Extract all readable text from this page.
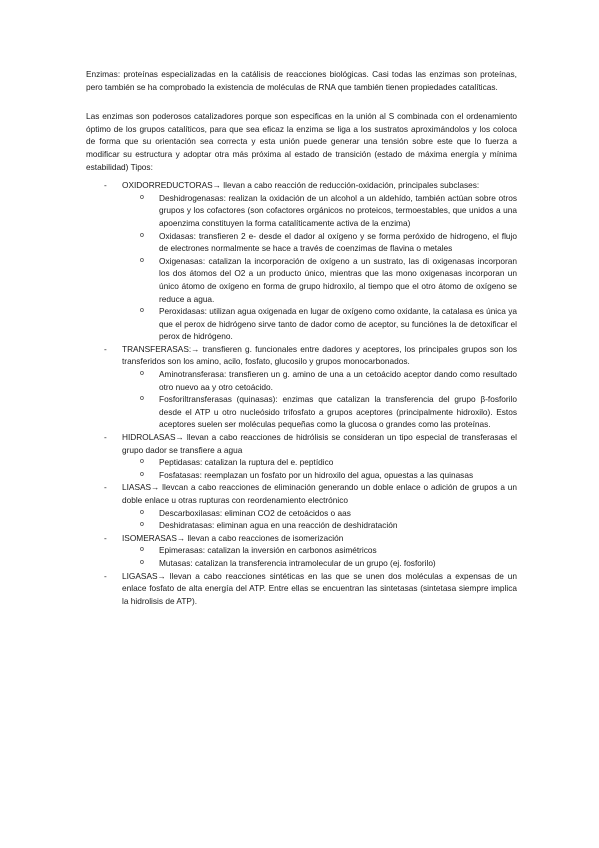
Enzimas: proteínas especializadas en la catálisis de reacciones biológicas. Casi todas las enzimas son proteínas, pero también se ha comprobado la existencia de moléculas de RNA que también tienen propiedades catalíticas.

Las enzimas son poderosos catalizadores porque son especificas en la unión al S combinada con el ordenamiento óptimo de los grupos catalíticos, para que sea eficaz la enzima se liga a los sustratos aproximándolos y los coloca de forma que su orientación sea correcta y esta unión puede generar una tensión sobre este que lo fuerza a modificar su estructura y adoptar otra más próxima al estado de transición (estado de máxima energía y mínima estabilidad) Tipos:

- OXIDORREDUCTORAS→ llevan a cabo reacción de reducción-oxidación, principales subclases:

o Deshidrogenasas: realizan la oxidación de un alcohol a un aldehído, también actúan sobre otros grupos y los cofactores (son cofactores orgánicos no proteicos, termoestables, que unidos a una apoenzima constituyen la forma catalíticamente activa de la enzima)

o Oxidasas: transfieren 2 e- desde el dador al oxígeno y se forma peróxido de hidrogeno, el flujo de electrones normalmente se hace a través de coenzimas de flavina o metales

o Oxigenasas: catalizan la incorporación de oxígeno a un sustrato, las di oxigenasas incorporan los dos átomos del O2 a un producto único, mientras que las mono oxigenasas incorporan un único átomo de oxígeno en forma de grupo hidroxilo, al tiempo que el otro átomo de oxígeno se reduce a agua.

o Peroxidasas: utilizan agua oxigenada en lugar de oxígeno como oxidante, la catalasa es única ya que el perox de hidrógeno sirve tanto de dador como de aceptor, su funciónes la de detoxificar el perox de hidrógeno.

- TRANSFERASAS:→ transfieren g. funcionales entre dadores y aceptores, los principales grupos son los transferidos son los amino, acilo, fosfato, glucosilo y grupos monocarbonados.

o Aminotransferasa: transfieren un g. amino de una a un cetoácido aceptor dando como resultado otro nuevo aa y otro cetoácido.

o Fosforiltransferasas (quinasas): enzimas que catalizan la transferencia del grupo β-fosforilo desde el ATP u otro nucleósido trifosfato a grupos aceptores (principalmente hidroxilo). Estos aceptores suelen ser moléculas pequeñas como la glucosa o grandes como las proteínas.

- HIDROLASAS→ llevan a cabo reacciones de hidrólisis se consideran un tipo especial de transferasas el grupo dador se transfiere a agua

o Peptidasas: catalizan la ruptura del e. peptídico

o Fosfatasas: reemplazan un fosfato por un hidroxilo del agua, opuestas a las quinasas

- LIASAS→ llevcan a cabo reacciones de eliminación generando un doble enlace o adición de grupos a un doble enlace u otras rupturas con reordenamiento electrónico

o Descarboxilasas: eliminan CO2 de cetoácidos o aas

o Deshidratasas: eliminan agua en una reacción de deshidratación

- ISOMERASAS→ llevan a cabo reacciones de isomerización

o Epimerasas: catalizan la inversión en carbonos asimétricos

o Mutasas: catalizan la transferencia intramolecular de un grupo (ej. fosforilo)

- LIGASAS→ llevan a cabo reacciones sintéticas en las que se unen dos moléculas a expensas de un enlace fosfato de alta energía del ATP. Entre ellas se encuentran las sintetasas (sintetasa siempre implica la hidrolisis de ATP).
